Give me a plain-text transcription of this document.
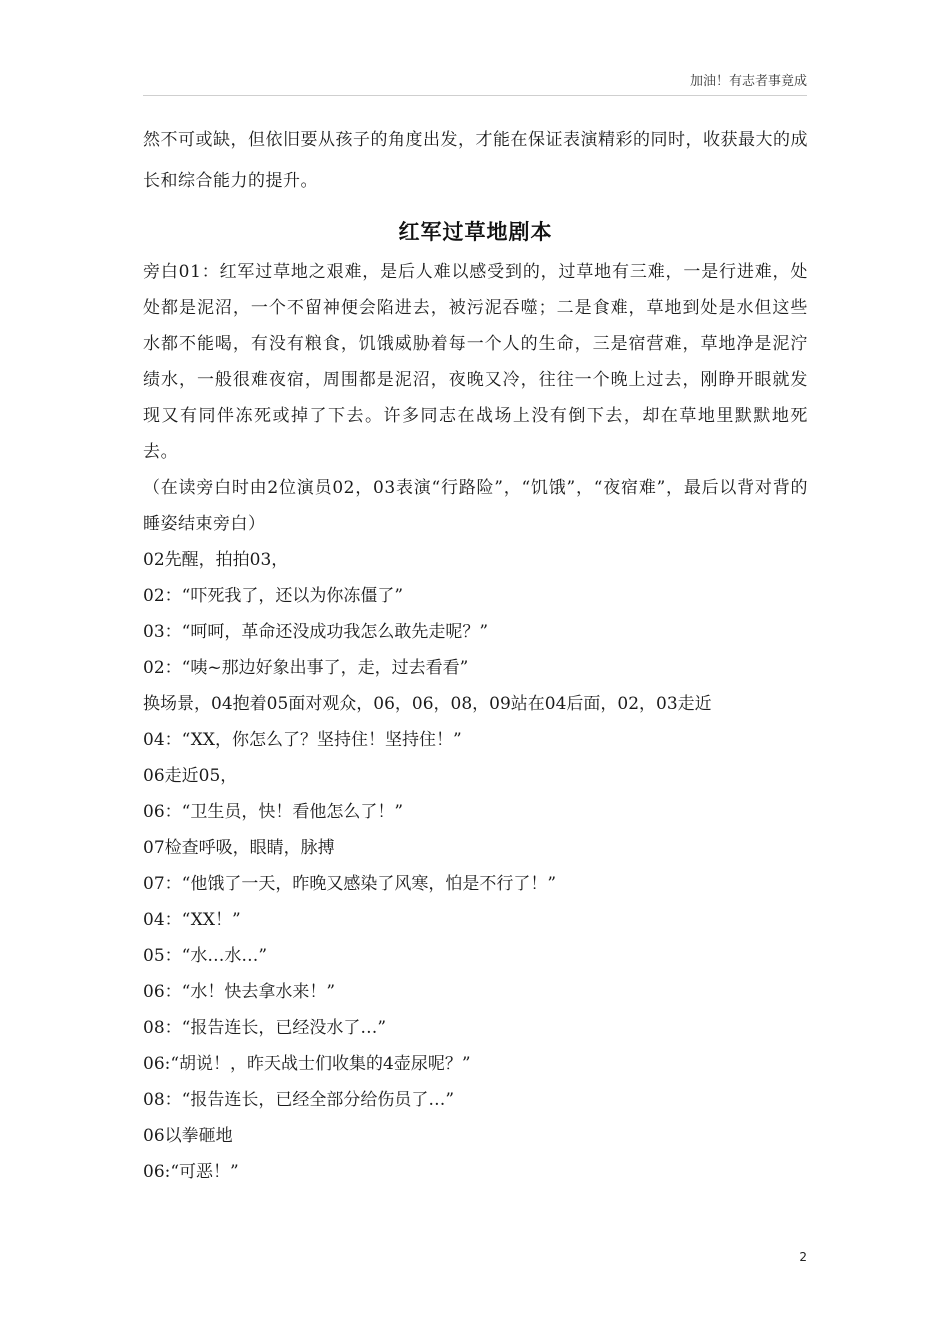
加油！有志者事竟成
然不可或缺，但依旧要从孩子的角度出发，才能在保证表演精彩的同时，收获最大的成长和综合能力的提升。
红军过草地剧本
旁白01：红军过草地之艰难，是后人难以感受到的，过草地有三难，一是行进难，处处都是泥沼，一个不留神便会陷进去，被污泥吞噬；二是食难，草地到处是水但这些水都不能喝，有没有粮食，饥饿威胁着每一个人的生命，三是宿营难，草地净是泥泞绩水，一般很难夜宿，周围都是泥沼，夜晚又冷，往往一个晚上过去，刚睁开眼就发现又有同伴冻死或掉了下去。许多同志在战场上没有倒下去，却在草地里默默地死去。
（在读旁白时由2位演员02，03表演“行路险”，“饥饿”，“夜宿难”，最后以背对背的睡姿结束旁白）
02先醒，拍拍03，
02：“吓死我了，还以为你冻僵了”
03：“呵呵，革命还没成功我怎么敢先走呢？”
02：“咦~那边好象出事了，走，过去看看”
换场景，04抱着05面对观众，06，06，08，09站在04后面，02，03走近
04：“XX，你怎么了？坚持住！坚持住！”
06走近05，
06：“卫生员，快！看他怎么了！”
07检查呼吸，眼睛，脉搏
07：“他饿了一天，昨晚又感染了风寒，怕是不行了！”
04：“XX！”
05：“水…水…”
06：“水！快去拿水来！”
08：“报告连长，已经没水了…”
06:“胡说！，昨天战士们收集的4壶尿呢？”
08：“报告连长，已经全部分给伤员了…”
06以拳砸地
06:“可恶！”
2
